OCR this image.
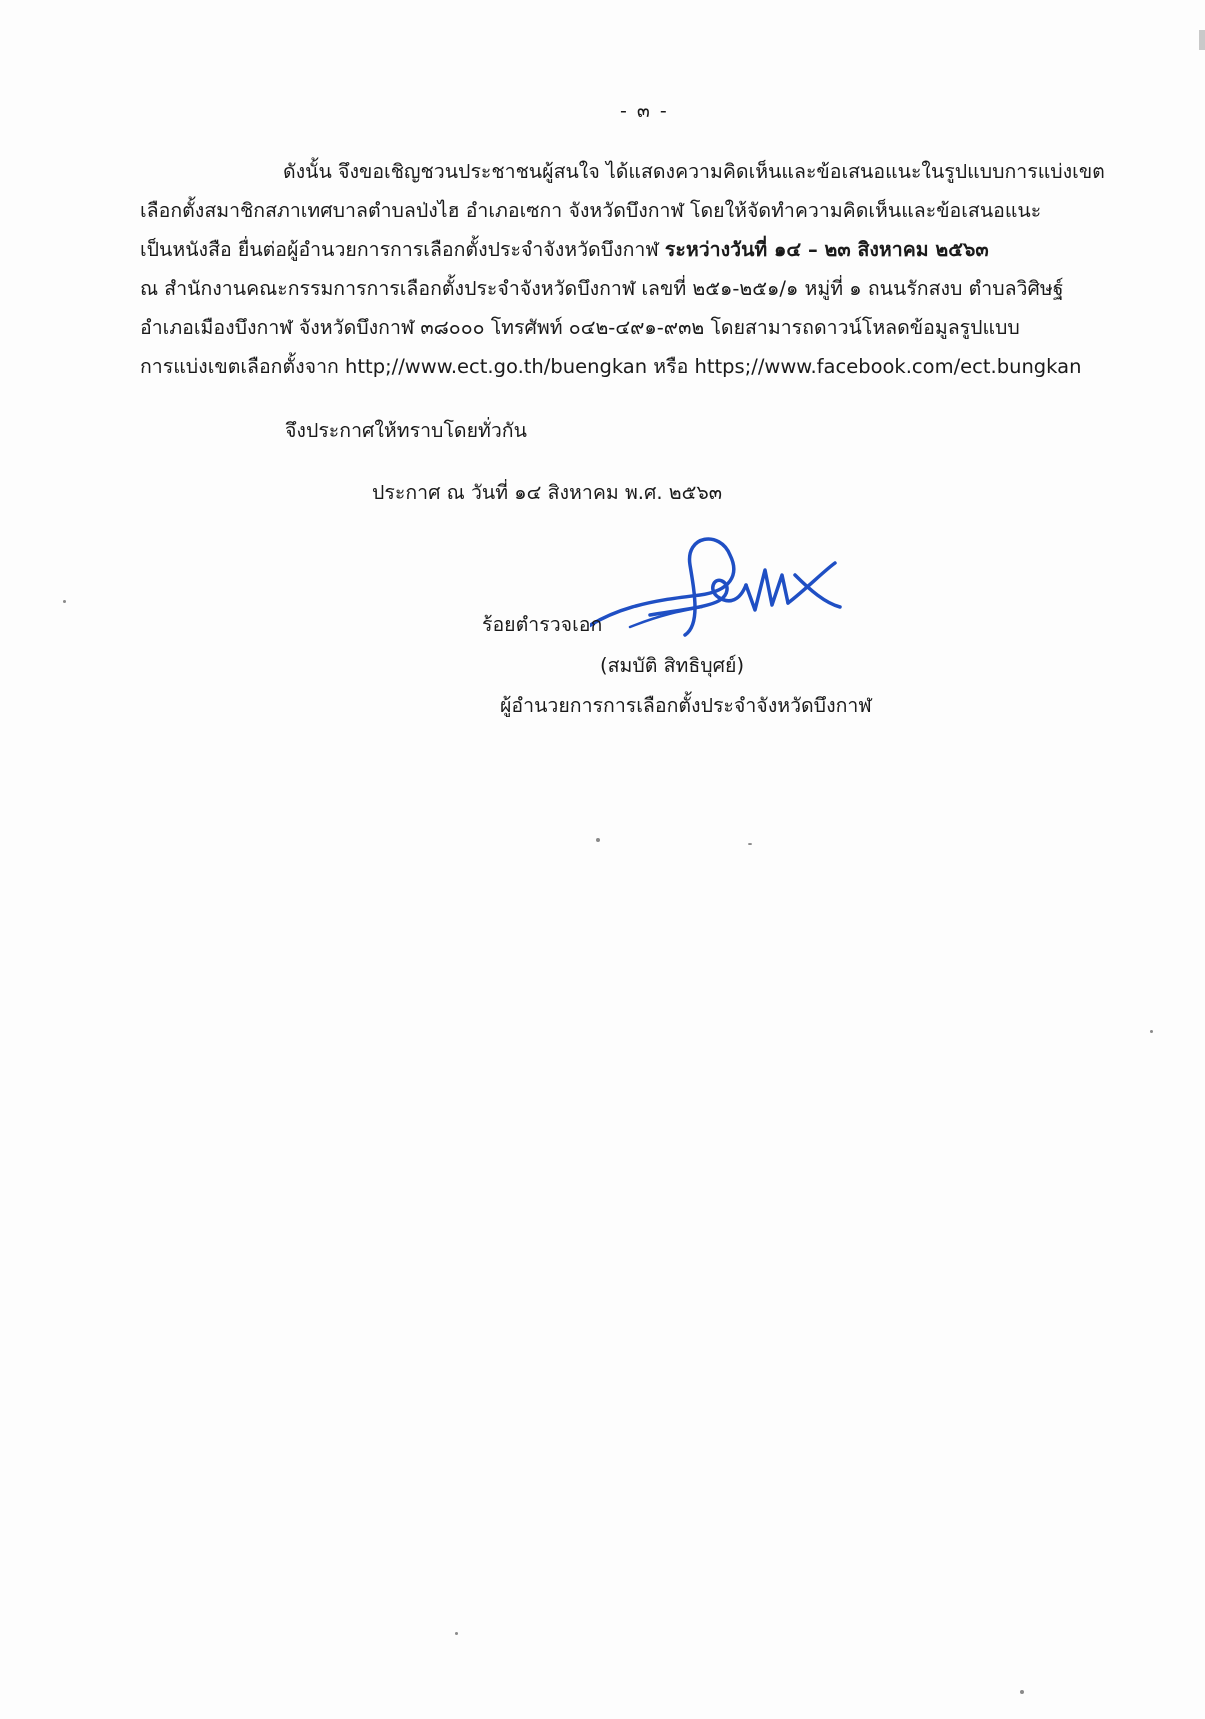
- ๓ -
ดังนั้น จึงขอเชิญชวนประชาชนผู้สนใจ ได้แสดงความคิดเห็นและข้อเสนอแนะในรูปแบบการแบ่งเขต
เลือกตั้งสมาชิกสภาเทศบาลตำบลป่งไฮ อำเภอเซกา จังหวัดบึงกาฬ โดยให้จัดทำความคิดเห็นและข้อเสนอแนะ
เป็นหนังสือ ยื่นต่อผู้อำนวยการการเลือกตั้งประจำจังหวัดบึงกาฬ ระหว่างวันที่ ๑๔ – ๒๓ สิงหาคม ๒๕๖๓
ณ สำนักงานคณะกรรมการการเลือกตั้งประจำจังหวัดบึงกาฬ เลขที่ ๒๕๑-๒๕๑/๑ หมู่ที่ ๑ ถนนรักสงบ ตำบลวิศิษฐ์
อำเภอเมืองบึงกาฬ จังหวัดบึงกาฬ ๓๘๐๐๐ โทรศัพท์ ๐๔๒-๔๙๑-๙๓๒ โดยสามารถดาวน์โหลดข้อมูลรูปแบบ
การแบ่งเขตเลือกตั้งจาก http;//www.ect.go.th/buengkan หรือ https;//www.facebook.com/ect.bungkan
จึงประกาศให้ทราบโดยทั่วกัน
ประกาศ ณ วันที่ ๑๔ สิงหาคม พ.ศ. ๒๕๖๓
ร้อยตำรวจเอก
(สมบัติ สิทธิบุศย์)
ผู้อำนวยการการเลือกตั้งประจำจังหวัดบึงกาฬ
